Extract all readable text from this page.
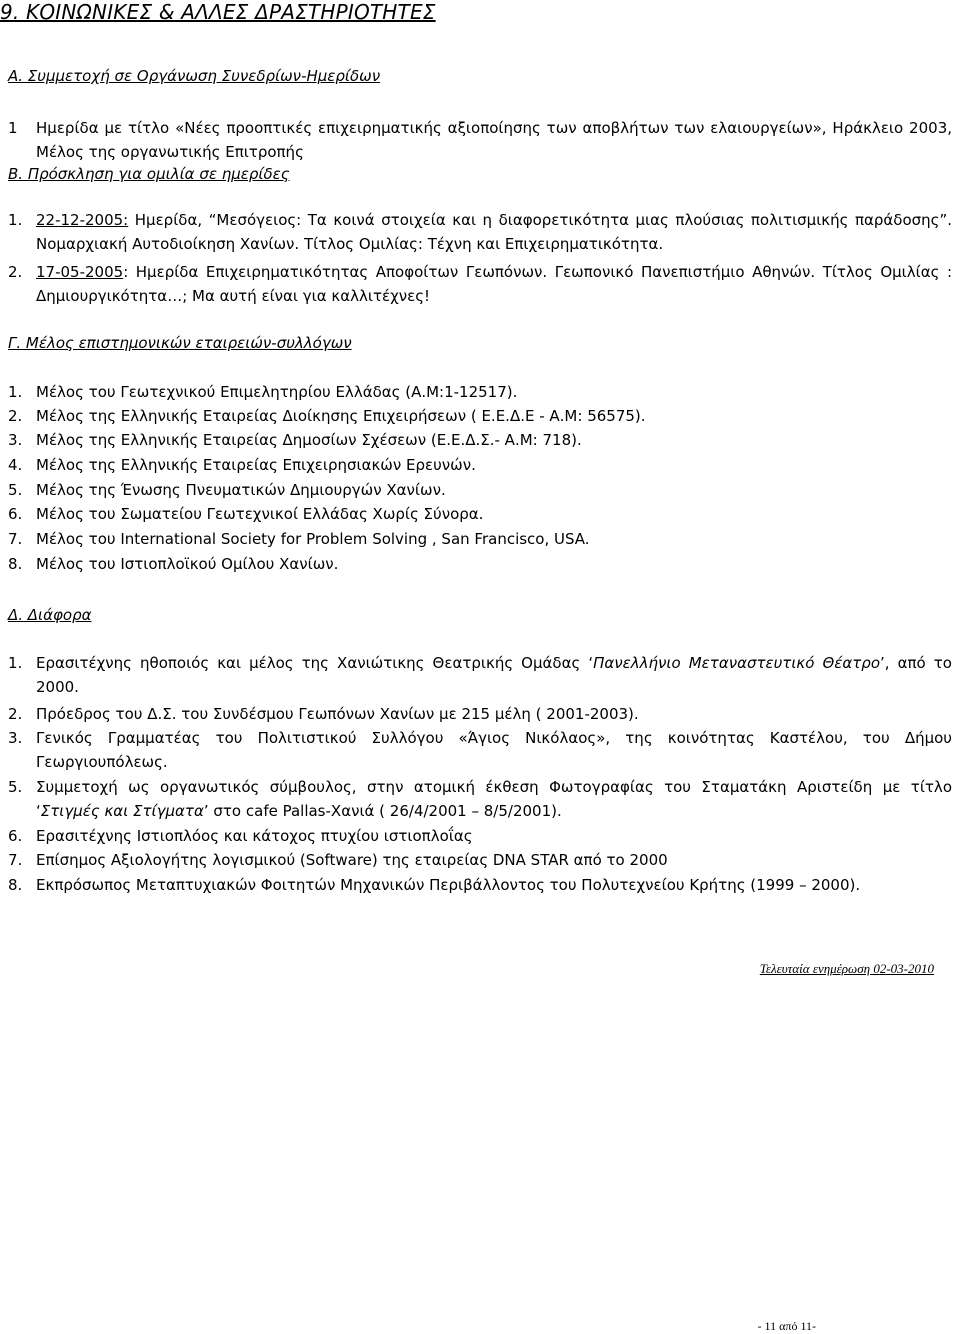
9. ΚΟΙΝΩΝΙΚΕΣ & ΑΛΛΕΣ ΔΡΑΣΤΗΡΙΟΤΗΤΕΣ
Α. Συμμετοχή σε Οργάνωση Συνεδρίων-Ημερίδων
1 Ημερίδα με τίτλο «Νέες προοπτικές επιχειρηματικής αξιοποίησης των αποβλήτων των ελαιουργείων», Ηράκλειο 2003, Μέλος της οργανωτικής Επιτροπής
Β. Πρόσκληση για ομιλία σε ημερίδες
1. 22-12-2005: Ημερίδα, “Μεσόγειος: Τα κοινά στοιχεία και η διαφορετικότητα μιας πλούσιας πολιτισμικής παράδοσης”. Νομαρχιακή Αυτοδιοίκηση Χανίων. Τίτλος Ομιλίας: Τέχνη και Επιχειρηματικότητα.
2. 17-05-2005: Ημερίδα Επιχειρηματικότητας Αποφοίτων Γεωπόνων. Γεωπονικό Πανεπιστήμιο Αθηνών. Τίτλος Ομιλίας : Δημιουργικότητα…; Μα αυτή είναι για καλλιτέχνες!
Γ. Μέλος επιστημονικών εταιρειών-συλλόγων
1. Μέλος του Γεωτεχνικού Επιμελητηρίου Ελλάδας (Α.Μ:1-12517).
2. Μέλος της Ελληνικής Εταιρείας Διοίκησης Επιχειρήσεων ( Ε.Ε.Δ.Ε - Α.Μ: 56575).
3. Μέλος της Ελληνικής Εταιρείας Δημοσίων Σχέσεων (Ε.Ε.Δ.Σ.- Α.Μ: 718).
4. Μέλος της Ελληνικής Εταιρείας Επιχειρησιακών Ερευνών.
5. Μέλος της Ένωσης Πνευματικών Δημιουργών Χανίων.
6. Μέλος του Σωματείου Γεωτεχνικοί Ελλάδας Χωρίς Σύνορα.
7. Μέλος του International Society for Problem Solving , San Francisco, USA.
8. Μέλος του Ιστιοπλοϊκού Ομίλου Χανίων.
Δ. Διάφορα
1. Ερασιτέχνης ηθοποιός και μέλος της Χανιώτικης Θεατρικής Ομάδας ‘Πανελλήνιο Μεταναστευτικό Θέατρο’, από το 2000.
2. Πρόεδρος του Δ.Σ. του Συνδέσμου Γεωπόνων Χανίων με 215 μέλη ( 2001-2003).
3. Γενικός Γραμματέας του Πολιτιστικού Συλλόγου «Άγιος Νικόλαος», της κοινότητας Καστέλου, του Δήμου Γεωργιουπόλεως.
5. Συμμετοχή ως οργανωτικός σύμβουλος, στην ατομική έκθεση Φωτογραφίας του Σταματάκη Αριστείδη με τίτλο ‘Στιγμές και Στίγματα’ στο cafe Pallas-Χανιά ( 26/4/2001 – 8/5/2001).
6. Ερασιτέχνης Ιστιοπλόος και κάτοχος πτυχίου ιστιοπλοΐας
7. Επίσημος Αξιολογήτης λογισμικού (Software) της εταιρείας DNA STAR από το 2000
8. Εκπρόσωπος Μεταπτυχιακών Φοιτητών Μηχανικών Περιβάλλοντος του Πολυτεχνείου Κρήτης (1999 – 2000).
Τελευταία ενημέρωση 02-03-2010
- 11 από 11-
